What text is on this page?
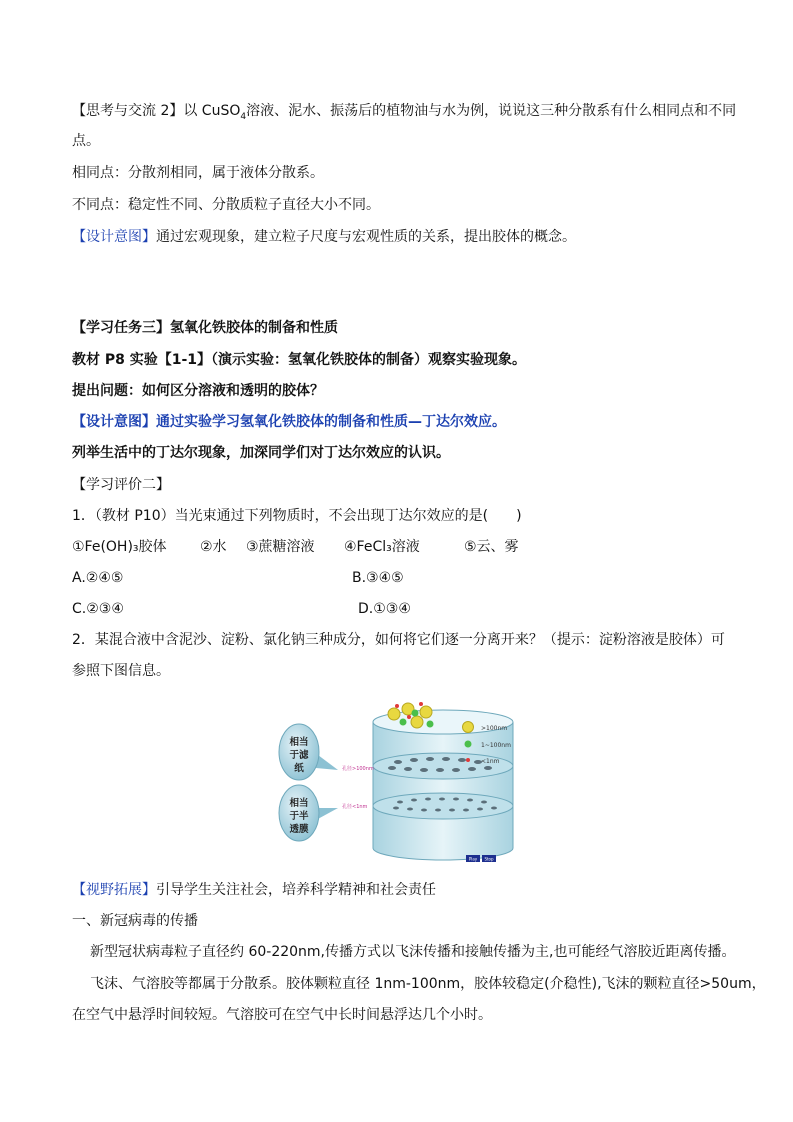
【思考与交流 2】以 CuSO$_4$溶液、泥水、振荡后的植物油与水为例，说说这三种分散系有什么相同点和不同
点。
相同点：分散剂相同，属于液体分散系。
不同点：稳定性不同、分散质粒子直径大小不同。
【设计意图】通过宏观现象，建立粒子尺度与宏观性质的关系，提出胶体的概念。
【学习任务三】氢氧化铁胶体的制备和性质
教材 P8 实验【1-1】（演示实验：氢氧化铁胶体的制备）观察实验现象。
提出问题：如何区分溶液和透明的胶体？
【设计意图】通过实验学习氢氧化铁胶体的制备和性质—丁达尔效应。
列举生活中的丁达尔现象，加深同学们对丁达尔效应的认识。
【学习评价二】
1．（教材 P10）当光束通过下列物质时，不会出现丁达尔效应的是(　　)
①Fe(OH)₃胶体 ②水 ③蔗糖溶液 ④FeCl₃溶液	⑤云、雾
A.②④⑤	B.③④⑤
C.②③④	D.①③④
2．某混合液中含泥沙、淀粉、氯化钠三种成分，如何将它们逐一分离开来？（提示：淀粉溶液是胶体）可
参照下图信息。
>100nm
1~100nm
<1nm
孔径>100nm
孔径<1nm
相当
于滤
纸
相当
于半
透膜
Play Stop
【视野拓展】引导学生关注社会，培养科学精神和社会责任
一、新冠病毒的传播
新型冠状病毒粒子直径约 60-220nm,传播方式以飞沫传播和接触传播为主,也可能经气溶胶近距离传播。
飞沫、气溶胶等都属于分散系。胶体颗粒直径 1nm-100nm，胶体较稳定(介稳性),飞沫的颗粒直径>50um，
在空气中悬浮时间较短。气溶胶可在空气中长时间悬浮达几个小时。
